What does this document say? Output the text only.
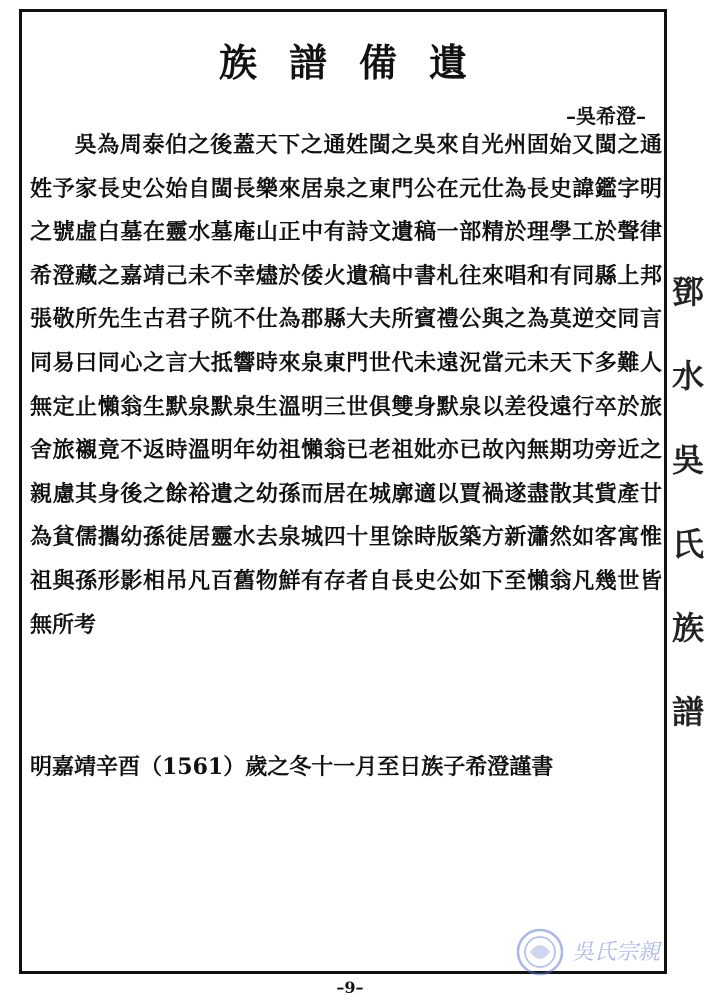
族譜備遺
–吳希澄–

吳為周泰伯之後蓋天下之通姓閩之吳來自光州固始又閩之通姓予家長史公始自閩長樂來居泉之東門公在元仕為長史諱鑑字明之號虛白墓在靈水墓庵山正中有詩文遺稿一部精於理學工於聲律希澄藏之嘉靖己未不幸燼於倭火遺稿中書札往來唱和有同縣上邦張敬所先生古君子阬不仕為郡縣大夫所賓禮公與之為莫逆交同言同易曰同心之言大抵響時來泉東門世代未遠況當元未天下多難人無定止懶翁生默泉默泉生溫明三世俱雙身默泉以差役遠行卒於旅舍旅襯竟不返時溫明年幼祖懶翁已老祖妣亦已故內無期功旁近之親慮其身後之餘裕遺之幼孫而居在城廓適以賈禍遂盡散其貲產廿為貧儒攜幼孫徒居靈水去泉城四十里馀時版築方新瀟然如客寓惟祖與孫形影相吊凡百舊物鮮有存者自長史公如下至懶翁凡幾世皆無所考

明嘉靖辛酉（1561）歲之冬十一月至日族子希澄謹書

–9–
鄧
水
吳
氏
族
譜
吳氏宗親
